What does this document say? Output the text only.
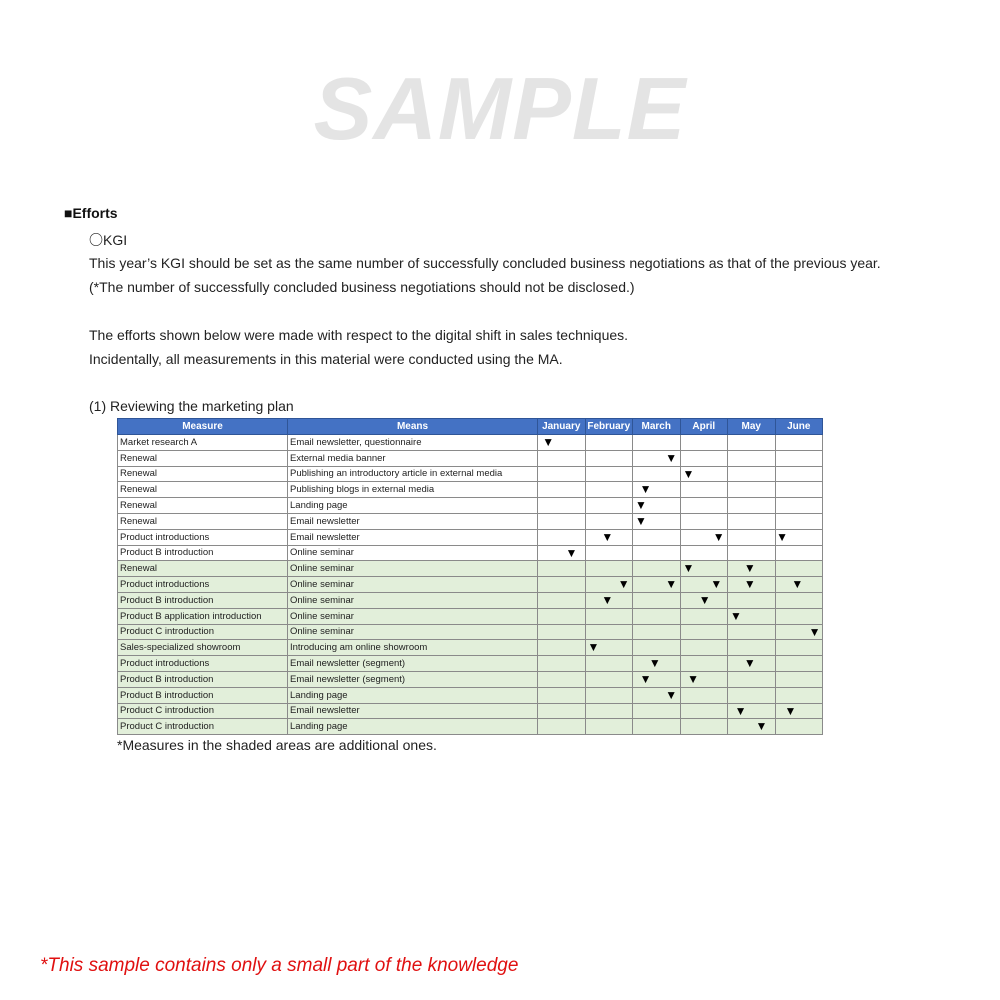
SAMPLE
■Efforts
〇KGI
This year’s KGI should be set as the same number of successfully concluded business negotiations as that of the previous year.
(*The number of successfully concluded business negotiations should not be disclosed.)
The efforts shown below were made with respect to the digital shift in sales techniques.
Incidentally, all measurements in this material were conducted using the MA.
(1) Reviewing the marketing plan
Measure	Means	January	February	March	April	May	June
Market research A	Email newsletter, questionnaire	▼					

Renewal	External media banner			▼			

Renewal	Publishing an introductory article in external media				▼		

Renewal	Publishing blogs in external media			▼			

Renewal	Landing page			▼			

Renewal	Email newsletter			▼			

Product introductions	Email newsletter		▼		▼		▼

Product B introduction	Online seminar	▼					

Renewal	Online seminar				▼	▼	

Product introductions	Online seminar		▼	▼	▼	▼	▼

Product B introduction	Online seminar		▼		▼		

Product B application introduction	Online seminar					▼	

Product C introduction	Online seminar						▼

Sales-specialized showroom	Introducing am online showroom		▼				

Product introductions	Email newsletter (segment)			▼		▼	

Product B introduction	Email newsletter (segment)			▼	▼		

Product B introduction	Landing page			▼			

Product C introduction	Email newsletter					▼	▼

Product C introduction	Landing page					▼	

*Measures in the shaded areas are additional ones.
*This sample contains only a small part of the knowledge
